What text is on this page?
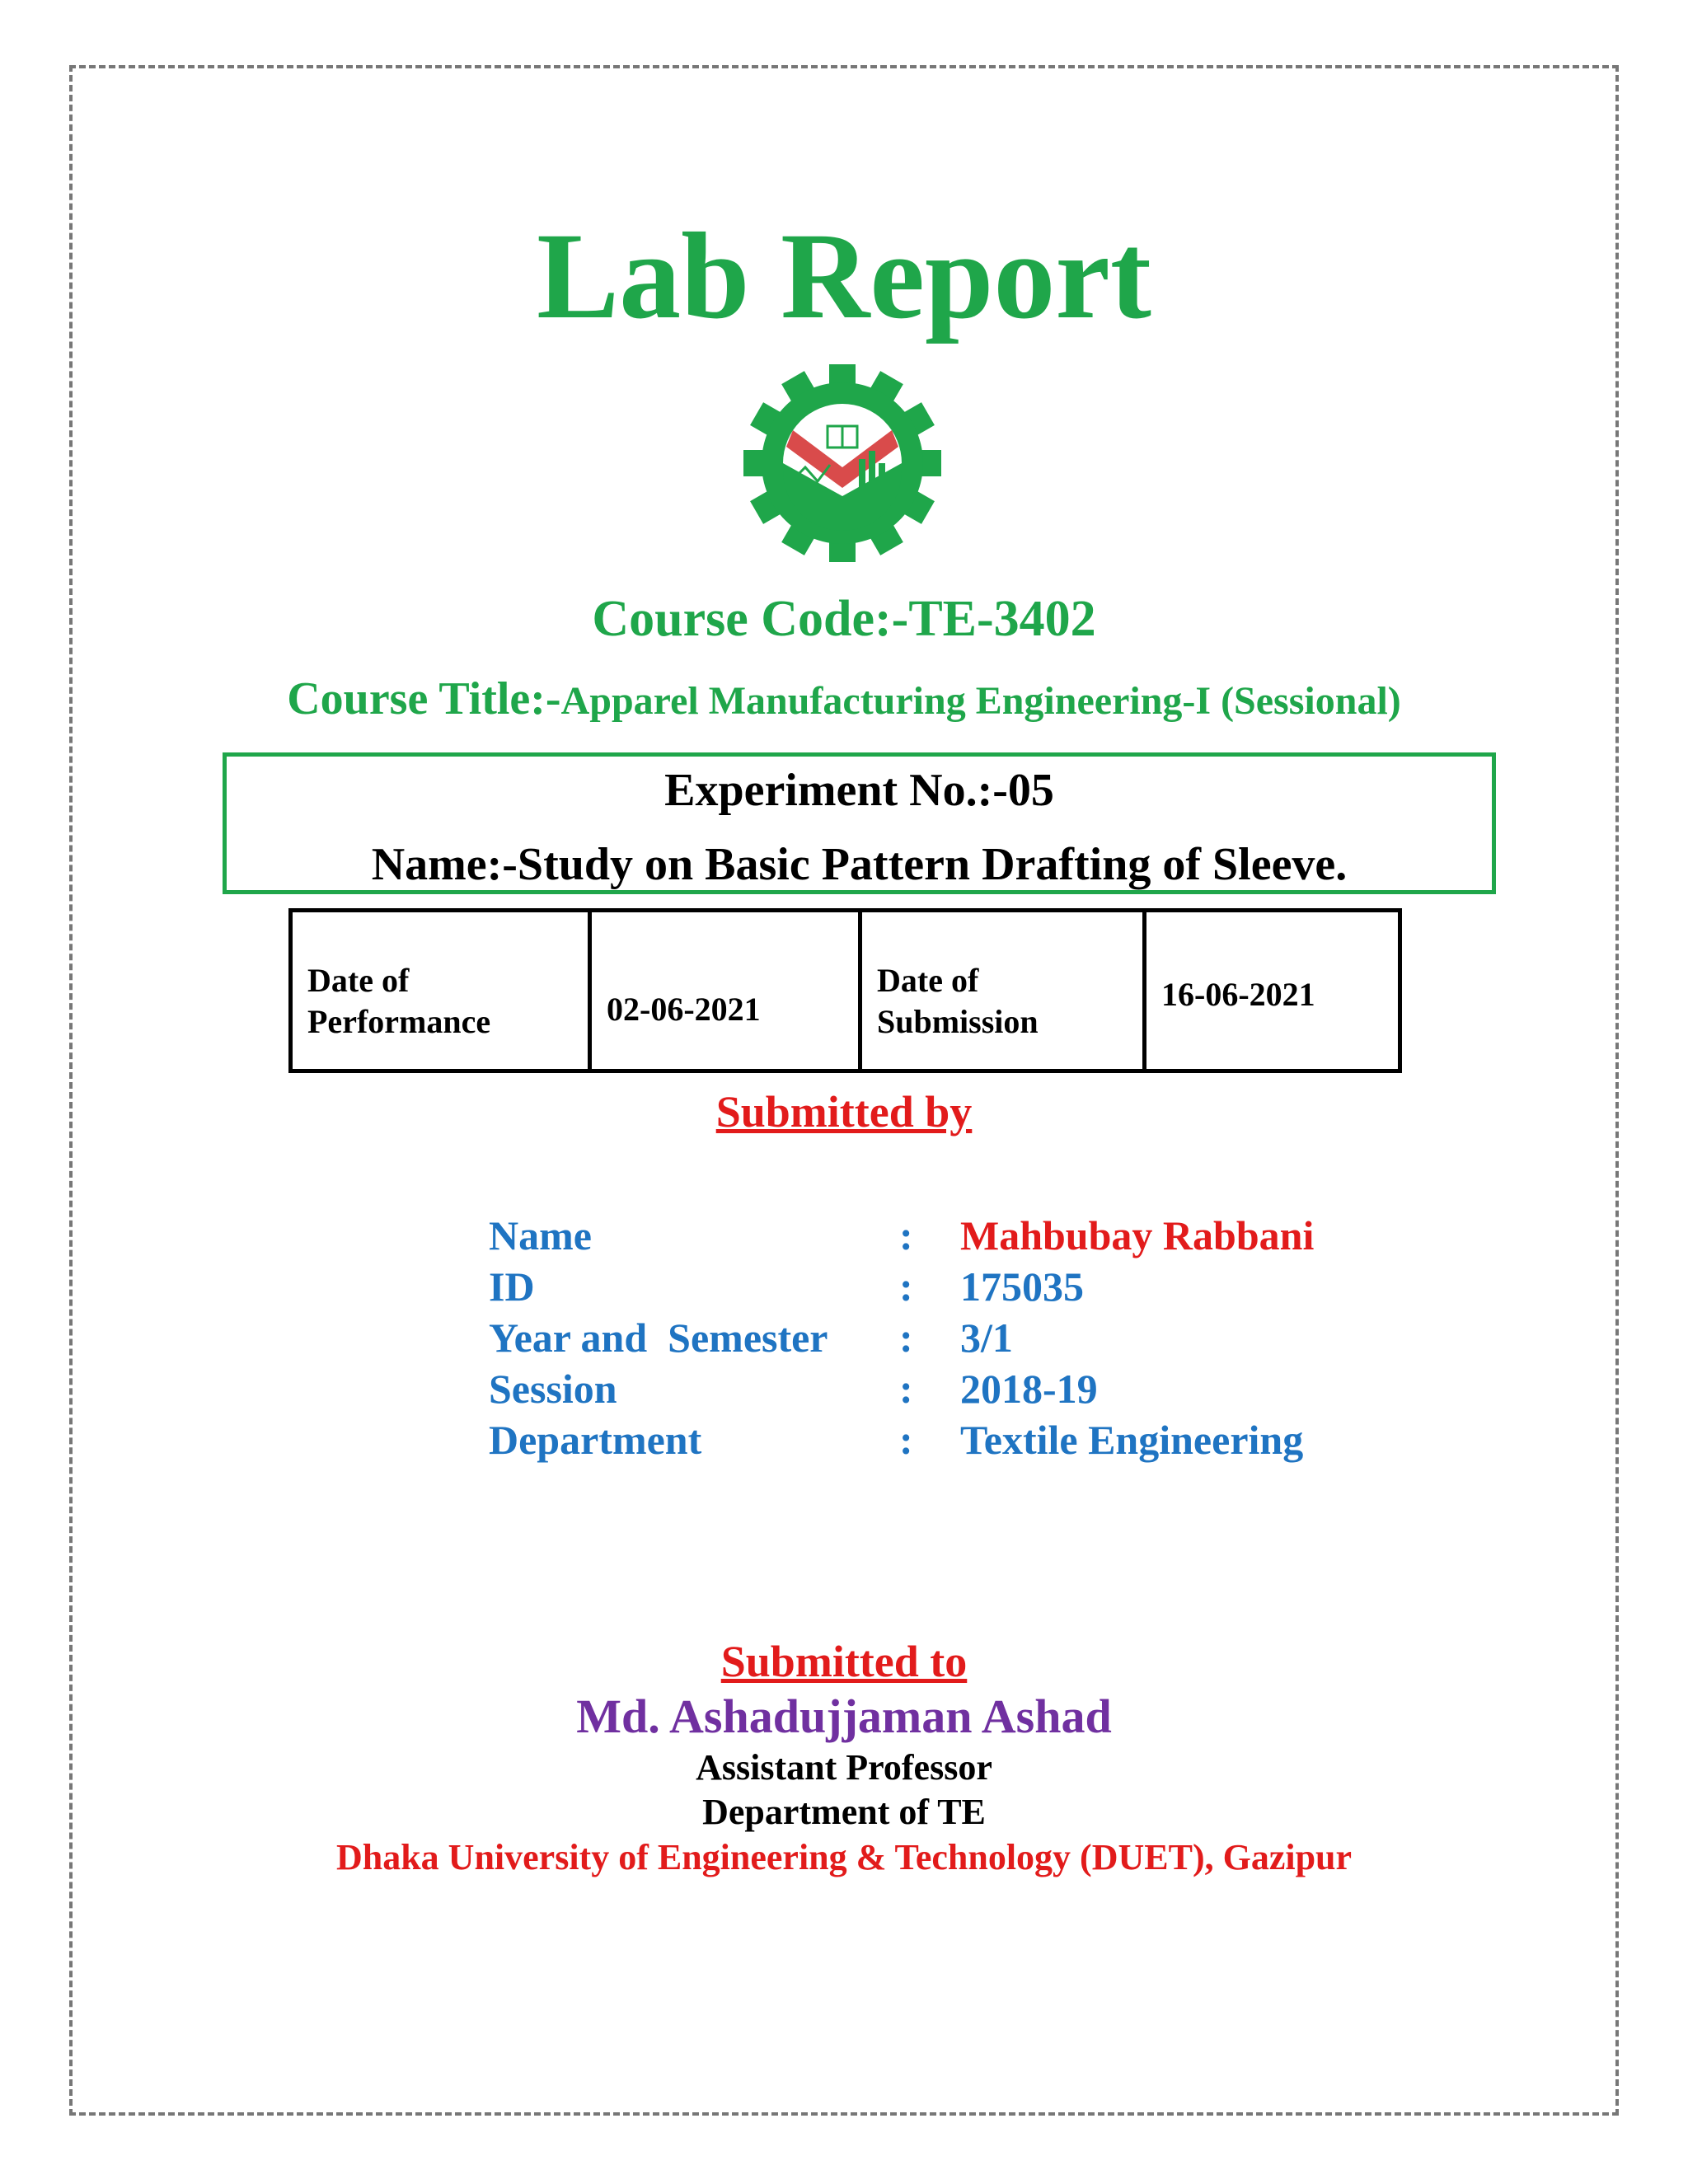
Lab Report
Course Code:-TE-3402
Course Title:-Apparel Manufacturing Engineering-I (Sessional)
Experiment No.:-05
Name:-Study on Basic Pattern Drafting of Sleeve.
Date of Performance	02-06-2021	Date of Submission	16-06-2021
Submitted by
Name	: Mahbubay Rabbani
ID	: 175035
Year and  Semester : 3/1
Session	: 2018-19
Department	: Textile Engineering
Submitted to
Md. Ashadujjaman Ashad
Assistant Professor
Department of TE
Dhaka University of Engineering & Technology (DUET), Gazipur
